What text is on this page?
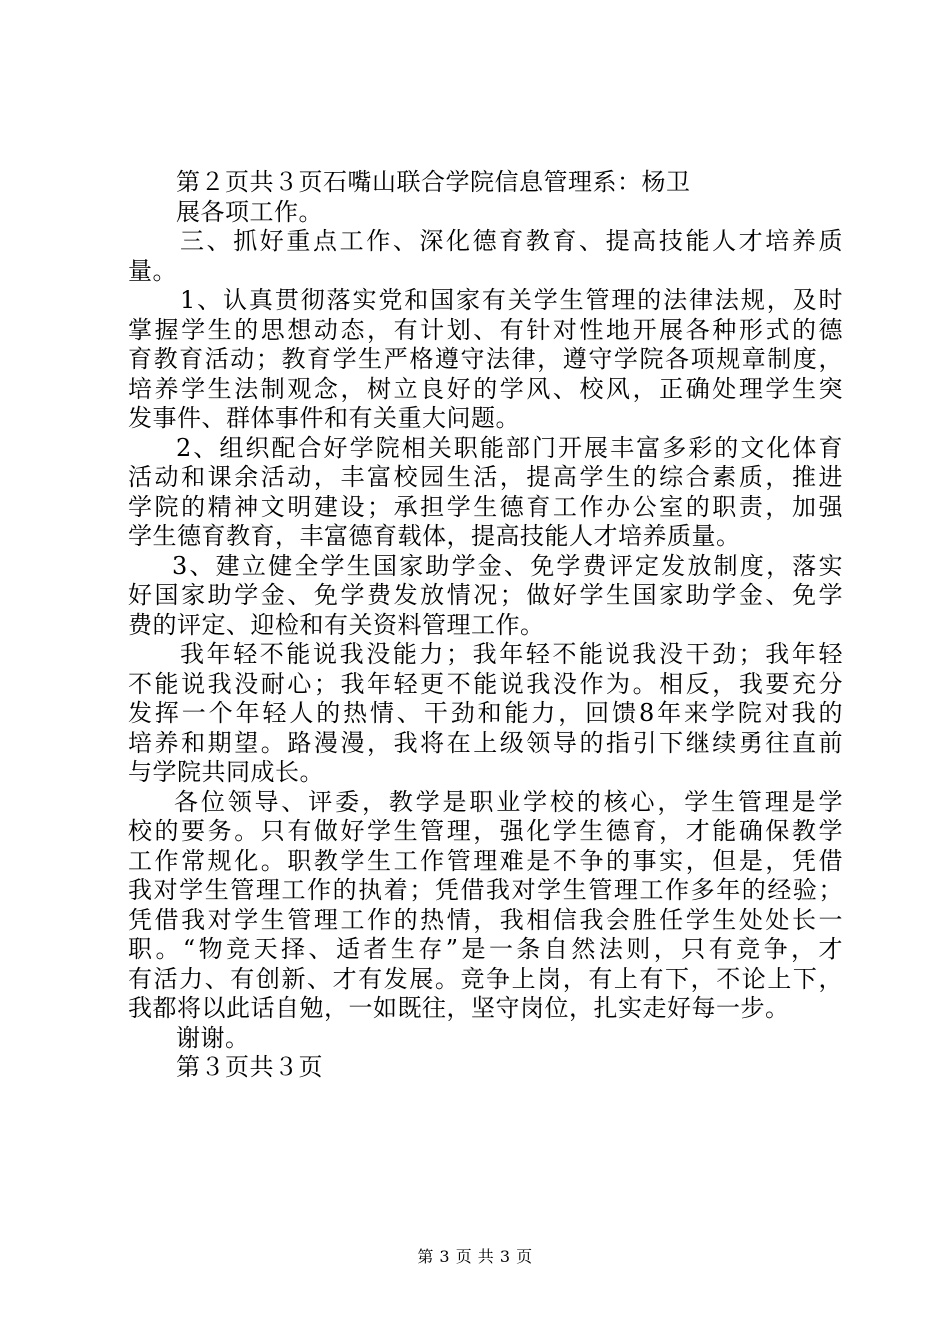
第２页共３页石嘴山联合学院信息管理系：杨卫
展各项工作。
三、抓好重点工作、深化德育教育、提高技能人才培养质
量。
1、认真贯彻落实党和国家有关学生管理的法律法规，及时
掌握学生的思想动态，有计划、有针对性地开展各种形式的德
育教育活动；教育学生严格遵守法律，遵守学院各项规章制度，
培养学生法制观念，树立良好的学风、校风，正确处理学生突
发事件、群体事件和有关重大问题。
2、组织配合好学院相关职能部门开展丰富多彩的文化体育
活动和课余活动，丰富校园生活，提高学生的综合素质，推进
学院的精神文明建设；承担学生德育工作办公室的职责，加强
学生德育教育，丰富德育载体，提高技能人才培养质量。
3、建立健全学生国家助学金、免学费评定发放制度，落实
好国家助学金、免学费发放情况；做好学生国家助学金、免学
费的评定、迎检和有关资料管理工作。
我年轻不能说我没能力；我年轻不能说我没干劲；我年轻
不能说我没耐心；我年轻更不能说我没作为。相反，我要充分
发挥一个年轻人的热情、干劲和能力，回馈8年来学院对我的
培养和期望。路漫漫，我将在上级领导的指引下继续勇往直前
与学院共同成长。
各位领导、评委，教学是职业学校的核心，学生管理是学
校的要务。只有做好学生管理，强化学生德育，才能确保教学
工作常规化。职教学生工作管理难是不争的事实，但是，凭借
我对学生管理工作的执着；凭借我对学生管理工作多年的经验；
凭借我对学生管理工作的热情，我相信我会胜任学生处处长一
职。“物竞天择、适者生存”是一条自然法则，只有竞争，才
有活力、有创新、才有发展。竞争上岗，有上有下，不论上下，
我都将以此话自勉，一如既往，坚守岗位，扎实走好每一步。
谢谢。
第３页共３页
第 3 页 共 3 页
